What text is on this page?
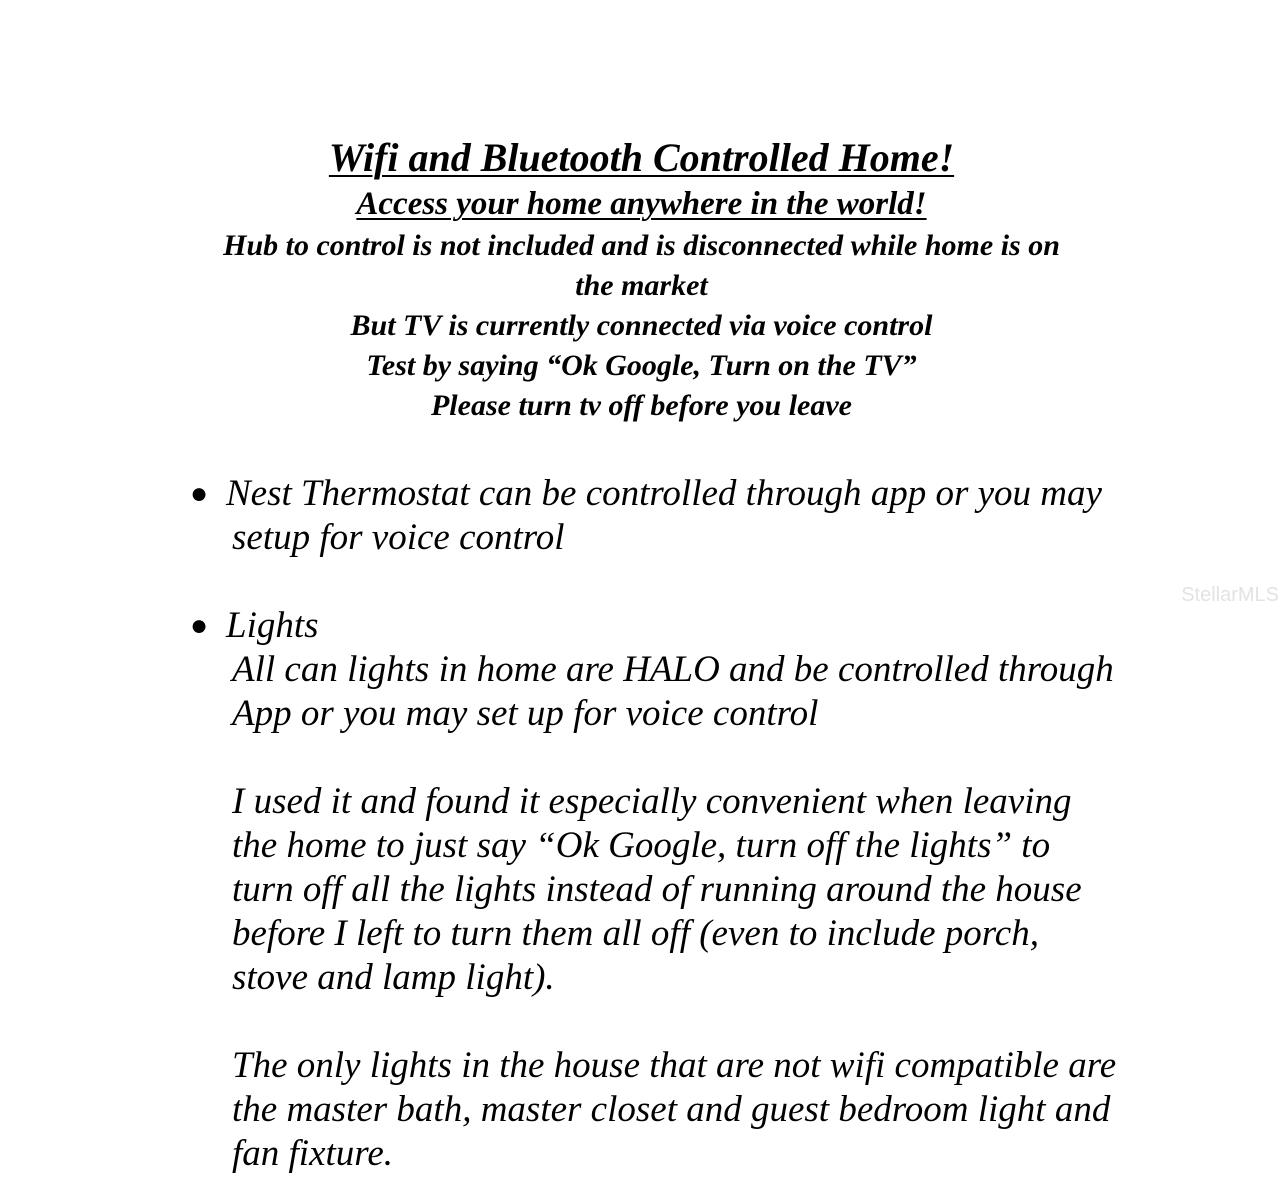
Wifi and Bluetooth Controlled Home!
Access your home anywhere in the world!
Hub to control is not included and is disconnected while home is on
the market
But TV is currently connected via voice control
Test by saying “Ok Google, Turn on the TV”
Please turn tv off before you leave
● Nest Thermostat can be controlled through app or you may
setup for voice control
● Lights
All can lights in home are HALO and be controlled through
App or you may set up for voice control
I used it and found it especially convenient when leaving
the home to just say “Ok Google, turn off the lights” to
turn off all the lights instead of running around the house
before I left to turn them all off (even to include porch,
stove and lamp light).
The only lights in the house that are not wifi compatible are
the master bath, master closet and guest bedroom light and
fan fixture.
StellarMLS
